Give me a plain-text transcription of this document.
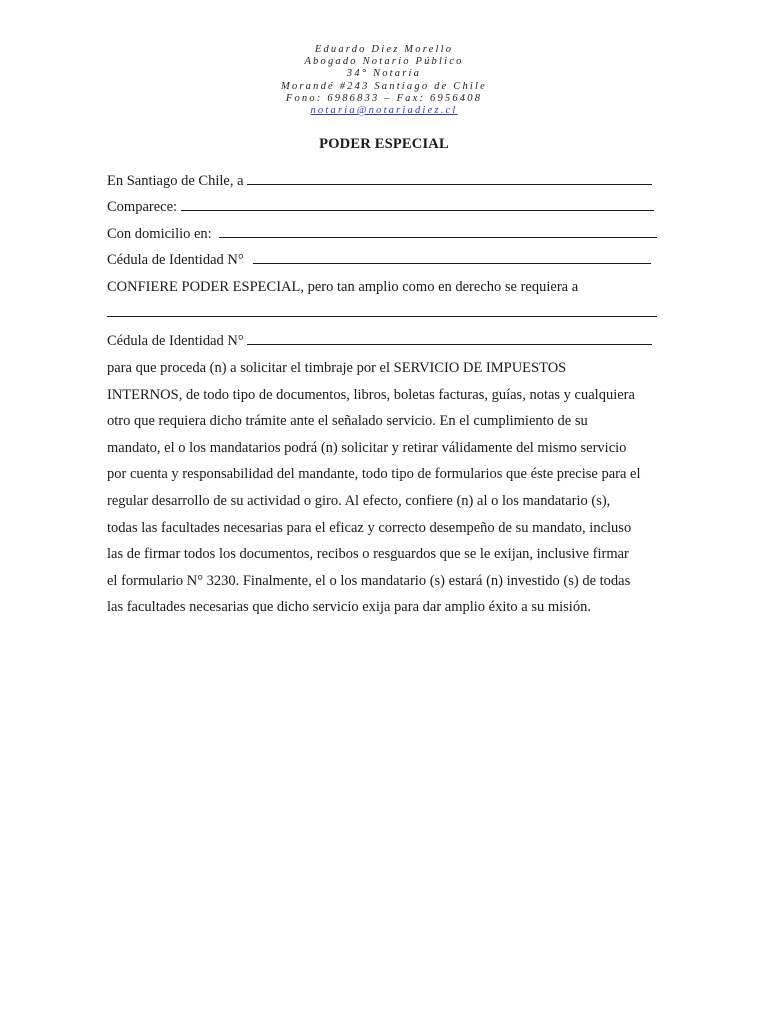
Eduardo Diez Morello
Abogado Notario Público
34° Notaría
Morandé #243 Santiago de Chile
Fono: 6986833 – Fax: 6956408
notaria@notariadiez.cl
PODER ESPECIAL
En Santiago de Chile, a
Comparece:
Con domicilio en:
Cédula de Identidad N°
CONFIERE PODER ESPECIAL, pero tan amplio como en derecho se requiera a
Cédula de Identidad N°
para que proceda (n) a solicitar el timbraje por el SERVICIO DE IMPUESTOS
INTERNOS, de todo tipo de documentos, libros, boletas facturas, guías, notas y cualquiera
otro que requiera dicho trámite ante el señalado servicio. En el cumplimiento de su
mandato, el o los mandatarios podrá (n) solicitar y retirar válidamente del mismo servicio
por cuenta y responsabilidad del mandante, todo tipo de formularios que éste precise para el
regular desarrollo de su actividad o giro. Al efecto, confiere (n) al o los mandatario (s),
todas las facultades necesarias para el eficaz y correcto desempeño de su mandato, incluso
las de firmar todos los documentos, recibos o resguardos que se le exijan, inclusive firmar
el formulario N° 3230. Finalmente, el o los mandatario (s) estará (n) investido (s) de todas
las facultades necesarias que dicho servicio exija para dar amplio éxito a su misión.
